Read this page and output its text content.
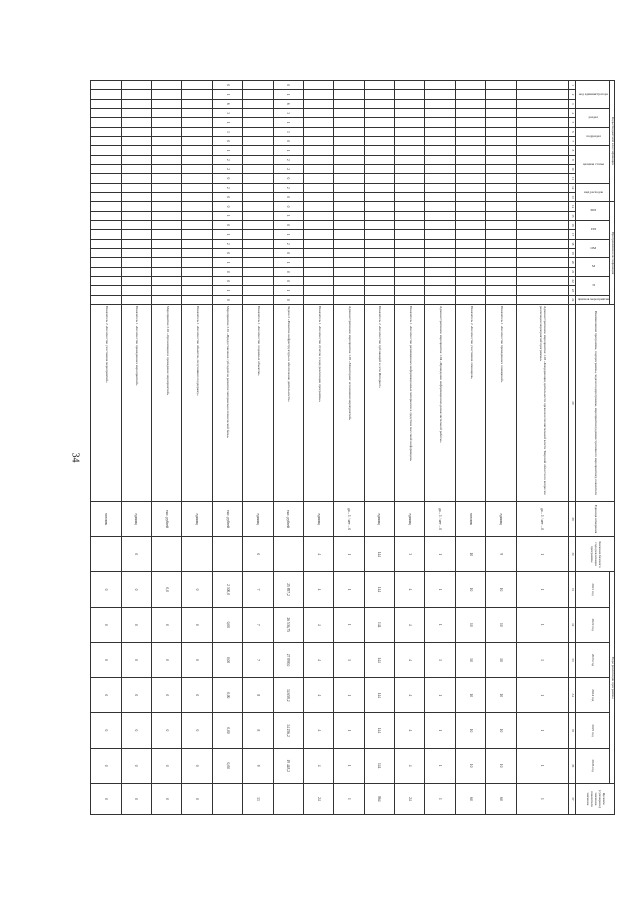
34
Коды бюджетной классификации													Программная классификация											Наименование программы, подпрограммы, задачи подпрограммы, мероприятия (административного мероприятия), показателя	Единица измерения	Значение базового года реализации программы	Годы реализации программы						Целевое (суммарное) значение показателя
значение
код администратора			раздел		подраздел		целевая статья				вид расходов		МП		ПП		ОМ		М		П		признак мероприятия				2021 год	2022 год	2023 год	2024 год	2025 год	2026 год	
1	2	3	4	5	6	7	8	9	10	11	12	13	14	15	16	17	18	19	20	21	22	23	24	28	29	30	31	32	33	34	35	36	37
																								Административное мероприятие 1.03 «Координация деятельности органов исполнительной власти Тверской области по вопросам реализации мероприятий программы»	да – 1 / нет – 0	1	1	1	1	1	1	1	1
																								Показатель 1 «Количество проведенных совещаний»	единиц	9	10	10	10	10	10	10	60
																								Показатель 2 «Количество участников семинаров»	человек	10	10	10	10	10	10	10	60
																								Административное мероприятие 1.04 «Проведение информационно-разъяснительной работы»	да – 1 / нет – 0	1	1	1	1	1	1	1	1
																								Показатель 1 «Количество размещенных информационных материалов в средствах массовой информации»	единиц	3	4	4	4	4	4	4	24
																								Показатель 2 «Количество публикаций в сети Интернет»	единиц	144	144	144	144	144	144	144	864
																								Административное мероприятие 1.05 «Мониторинг исполнения мероприятий»	да – 1 / нет – 0	1	1	1	1	1	1	1	1
																								Показатель 1 «Количество отчетов о ходе реализации программы»	единиц	4	4	4	4	4	4	4	24
0	1	6	3	1	3	0	1	2	2	0	2	0	0	1	0	1	2	0	1	0	0	1	0	Задача 2 «Развитие инфраструктуры и обеспечение деятельности»	тыс. рублей		25 897,2	26 536,75	27 898,0	34 658,2	34 256,2	19 448,2	
																								Показатель 1 «Количество созданных объектов»	единиц	0	7	7	7	8	8	9	33
0	1	6	3	1	3	0	1	2	2	0	2	0	0	1	0	1	2	0	1	0	0	1	0	Мероприятие 2.01 «Предоставление субсидий на развитие материально-технической базы»	тыс. рублей		2 300,0	0,00	0,00	0,00	0,00	0,00	
																								Показатель 1 «Количество объектов, получивших поддержку»	единиц		0	0	0	0	0	0	0
																								Мероприятие 2.02 «Организация и проведение мероприятий»	тыс. рублей		0,0	0	0	0	0	0	0
																								Показатель 1 «Количество проведенных мероприятий»	единиц	0	0	0	0	0	0	0	0
																								Показатель 2 «Количество участников мероприятий»	человек		0	0	0	0	0	0	0
